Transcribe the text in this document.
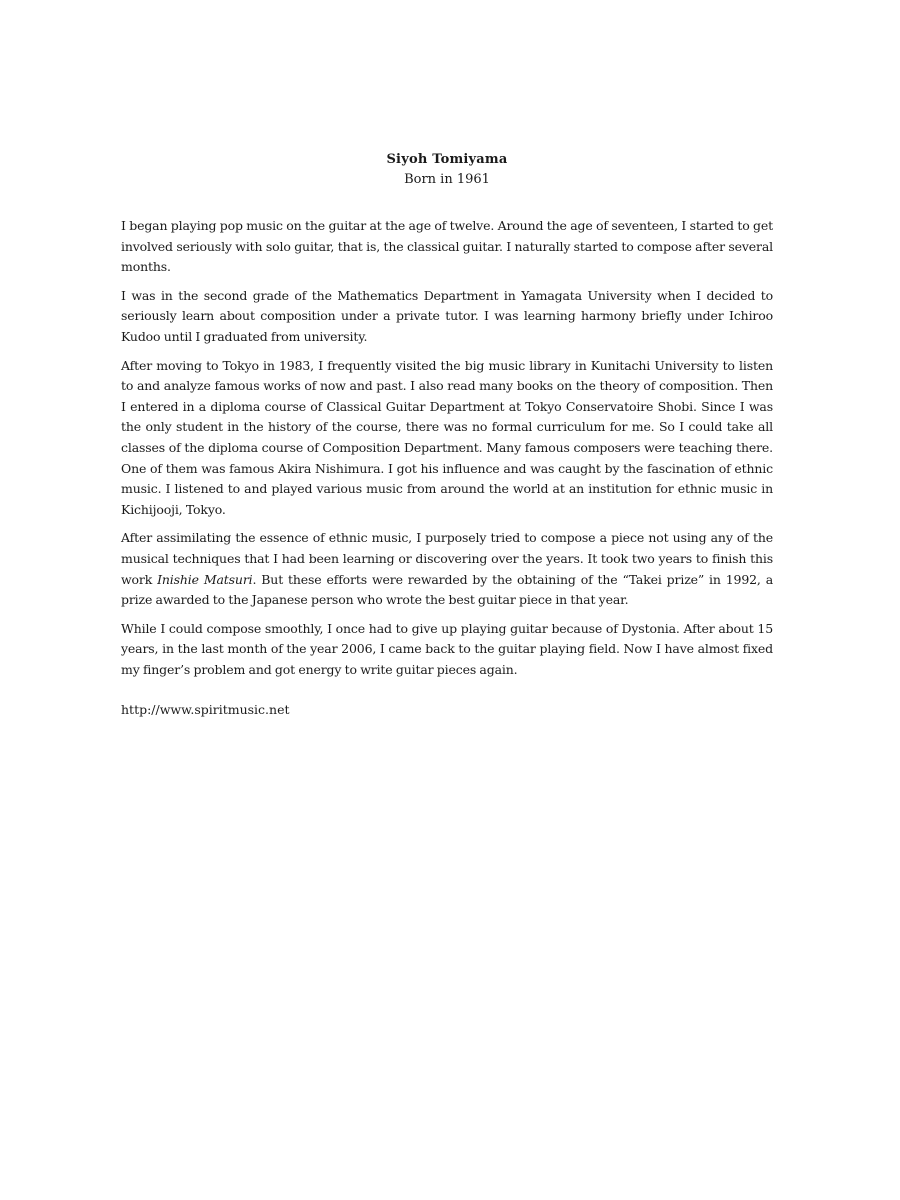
Siyoh Tomiyama
Born in 1961

I began playing pop music on the guitar at the age of twelve. Around the age of seventeen, I started to get involved seriously with solo guitar, that is, the classical guitar. I naturally started to compose after several months.

I was in the second grade of the Mathematics Department in Yamagata University when I decided to seriously learn about composition under a private tutor. I was learning harmony briefly under Ichiroo Kudoo until I graduated from university.

After moving to Tokyo in 1983, I frequently visited the big music library in Kunitachi University to listen to and analyze famous works of now and past. I also read many books on the theory of composition. Then I entered in a diploma course of Classical Guitar Department at Tokyo Conservatoire Shobi. Since I was the only student in the history of the course, there was no formal curriculum for me. So I could take all classes of the diploma course of Composition Department. Many famous composers were teaching there. One of them was famous Akira Nishimura. I got his influence and was caught by the fascination of ethnic music. I listened to and played various music from around the world at an institution for ethnic music in Kichijooji, Tokyo.

After assimilating the essence of ethnic music, I purposely tried to compose a piece not using any of the musical techniques that I had been learning or discovering over the years. It took two years to finish this work Inishie Matsuri. But these efforts were rewarded by the obtaining of the “Takei prize” in 1992, a prize awarded to the Japanese person who wrote the best guitar piece in that year.

While I could compose smoothly, I once had to give up playing guitar because of Dystonia. After about 15 years, in the last month of the year 2006, I came back to the guitar playing field. Now I have almost fixed my finger’s problem and got energy to write guitar pieces again.

http://www.spiritmusic.net
